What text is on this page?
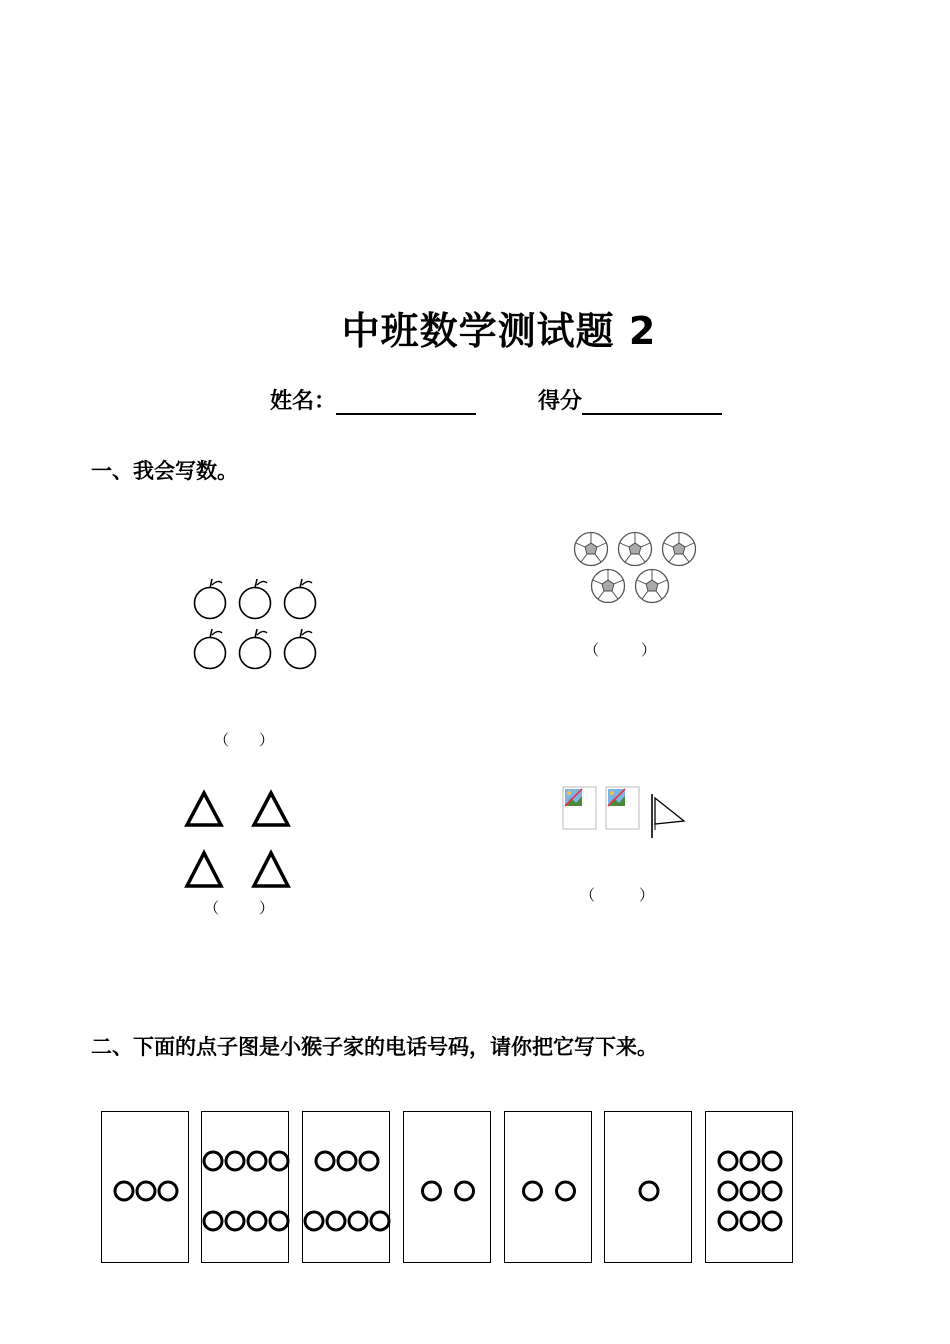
中班数学测试题 2
姓名：	得分
一、我会写数。
（ ）
（	）
（	）
（	）
二、下面的点子图是小猴子家的电话号码，请你把它写下来。
